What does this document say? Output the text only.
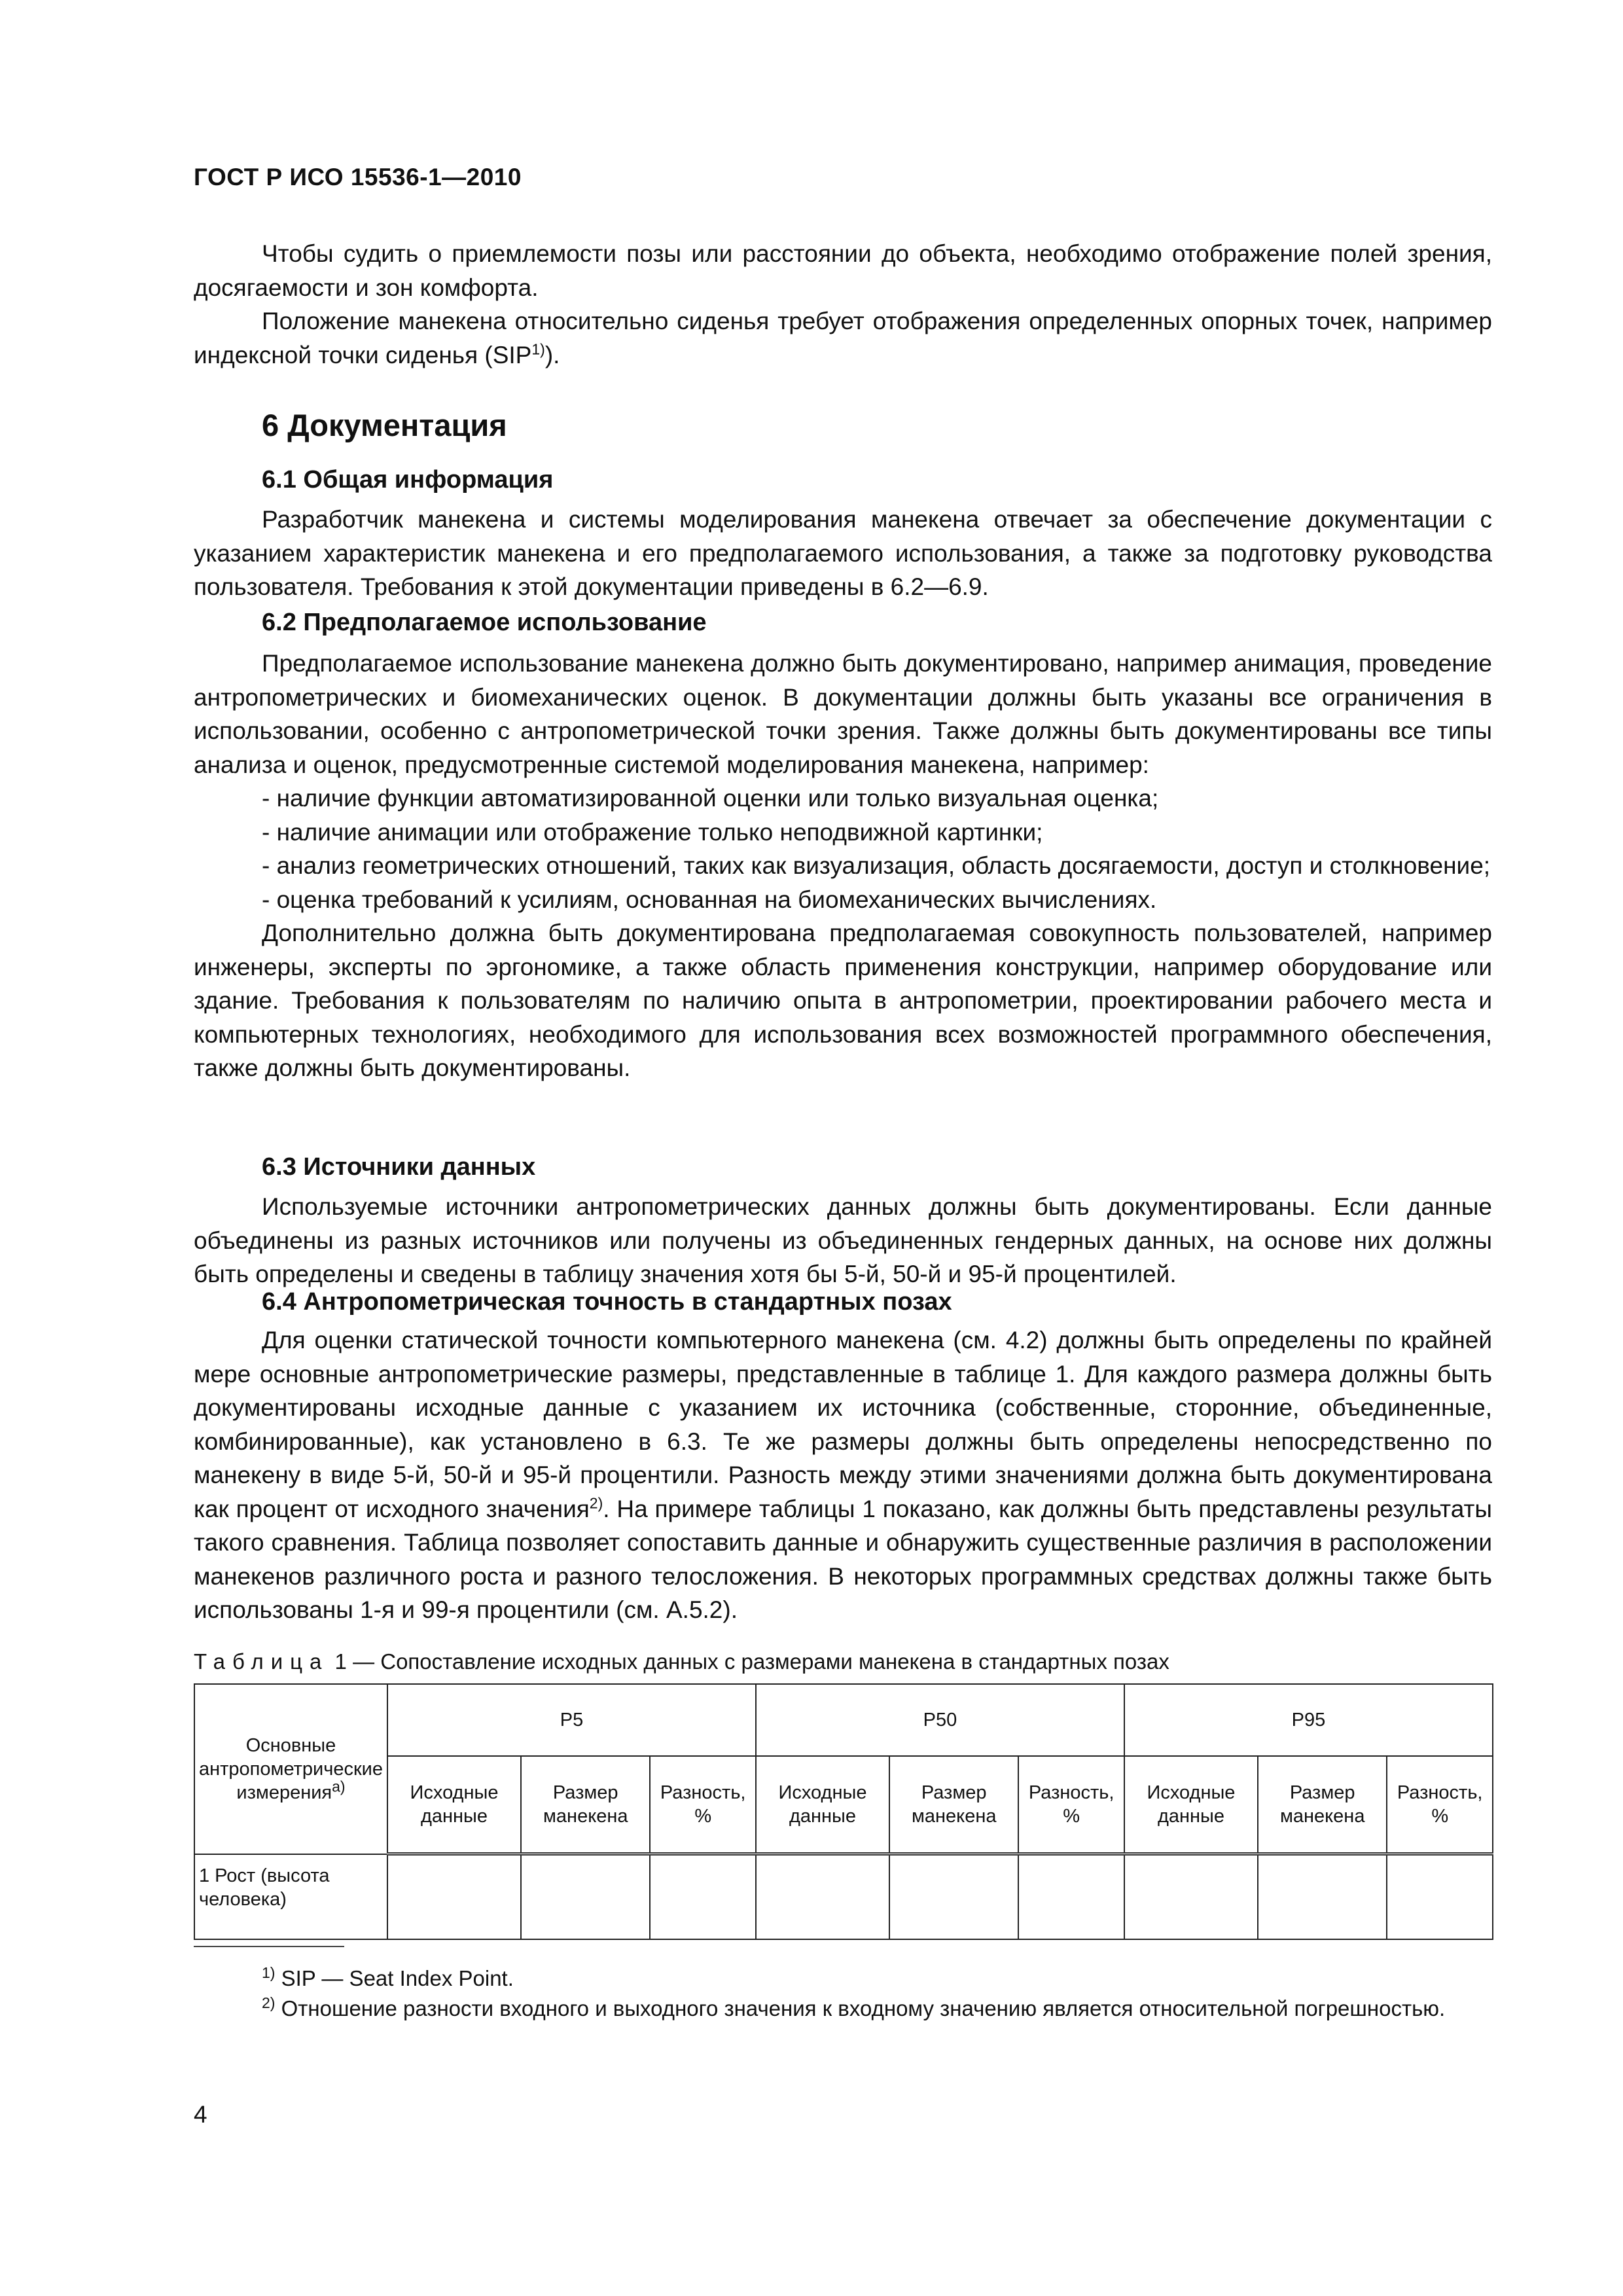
ГОСТ Р ИСО 15536-1—2010

Чтобы судить о приемлемости позы или расстоянии до объекта, необходимо отображение полей зрения, досягаемости и зон комфорта.

Положение манекена относительно сиденья требует отображения определенных опорных точек, например индексной точки сиденья (SIP$^{1)}$).

6 Документация
6.1 Общая информация

Разработчик манекена и системы моделирования манекена отвечает за обеспечение документации с указанием характеристик манекена и его предполагаемого использования, а также за подготовку руководства пользователя. Требования к этой документации приведены в 6.2—6.9.

6.2 Предполагаемое использование

Предполагаемое использование манекена должно быть документировано, например анимация, проведение антропометрических и биомеханических оценок. В документации должны быть указаны все ограничения в использовании, особенно с антропометрической точки зрения. Также должны быть документированы все типы анализа и оценок, предусмотренные системой моделирования манекена, например:

- наличие функции автоматизированной оценки или только визуальная оценка;

- наличие анимации или отображение только неподвижной картинки;

- анализ геометрических отношений, таких как визуализация, область досягаемости, доступ и столкновение;

- оценка требований к усилиям, основанная на биомеханических вычислениях.

Дополнительно должна быть документирована предполагаемая совокупность пользователей, например инженеры, эксперты по эргономике, а также область применения конструкции, например оборудование или здание. Требования к пользователям по наличию опыта в антропометрии, проектировании рабочего места и компьютерных технологиях, необходимого для использования всех возможностей программного обеспечения, также должны быть документированы.

6.3 Источники данных

Используемые источники антропометрических данных должны быть документированы. Если данные объединены из разных источников или получены из объединенных гендерных данных, на основе них должны быть определены и сведены в таблицу значения хотя бы 5-й, 50-й и 95-й процентилей.

6.4 Антропометрическая точность в стандартных позах

Для оценки статической точности компьютерного манекена (см. 4.2) должны быть определены по крайней мере основные антропометрические размеры, представленные в таблице 1. Для каждого размера должны быть документированы исходные данные с указанием их источника (собственные, сторонние, объединенные, комбинированные), как установлено в 6.3. Те же размеры должны быть определены непосредственно по манекену в виде 5-й, 50-й и 95-й процентили. Разность между этими значениями должна быть документирована как процент от исходного значения$^{2)}$. На примере таблицы 1 показано, как должны быть представлены результаты такого сравнения. Таблица позволяет сопоставить данные и обнаружить существенные различия в расположении манекенов различного роста и разного телосложения. В некоторых программных средствах должны также быть использованы 1-я и 99-я процентили (см. А.5.2).

Таблица 1 — Сопоставление исходных данных с размерами манекена в стандартных позах
Основные антропометрические измерения$^{а)}$	P5			P50			P95		
	Исходные данные	Размер манекена	Разность, %	Исходные данные	Размер манекена	Разность, %	Исходные данные	Размер манекена	Разность, %
1 Рост (высота человека)									

$^{1)}$ SIP — Seat Index Point.

$^{2)}$ Отношение разности входного и выходного значения к входному значению является относительной погрешностью.

4
